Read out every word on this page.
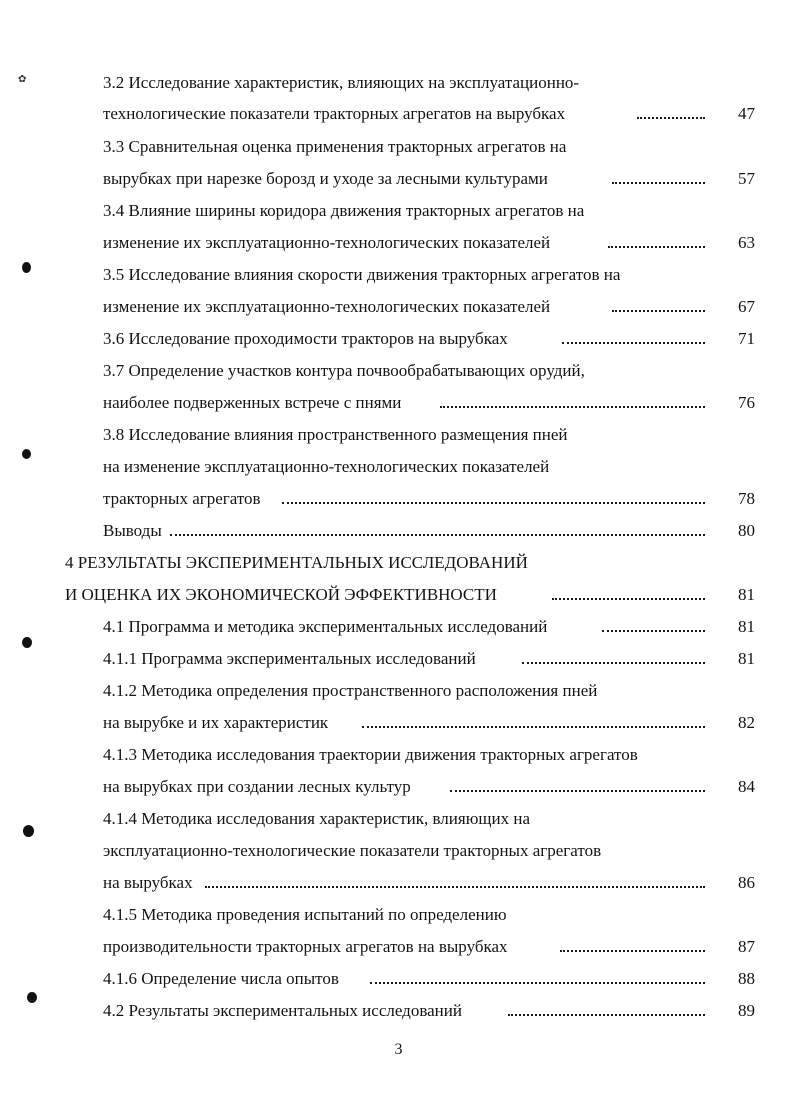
✿	3.2 Исследование характеристик, влияющих на эксплуатационно-
технологические показатели тракторных агрегатов на вырубках	47
3.3 Сравнительная оценка применения тракторных агрегатов на
вырубках при нарезке борозд и уходе за лесными культурами	57
3.4 Влияние ширины коридора движения тракторных агрегатов на
изменение их эксплуатационно-технологических показателей	63
3.5 Исследование влияния скорости движения тракторных агрегатов на
изменение их эксплуатационно-технологических показателей	67
3.6 Исследование проходимости тракторов на вырубках	71
3.7 Определение участков контура почвообрабатывающих орудий,
наиболее подверженных встрече с пнями	76
3.8 Исследование влияния пространственного размещения пней
на изменение эксплуатационно-технологических показателей
тракторных агрегатов	78
Выводы	80
4 РЕЗУЛЬТАТЫ ЭКСПЕРИМЕНТАЛЬНЫХ ИССЛЕДОВАНИЙ
И ОЦЕНКА ИХ ЭКОНОМИЧЕСКОЙ ЭФФЕКТИВНОСТИ	81
4.1 Программа и методика экспериментальных исследований	81
4.1.1 Программа экспериментальных исследований	81
4.1.2 Методика определения пространственного расположения пней
на вырубке и их характеристик	82
4.1.3 Методика исследования траектории движения тракторных агрегатов
на вырубках при создании лесных культур	84
4.1.4 Методика исследования характеристик, влияющих на
эксплуатационно-технологические показатели тракторных агрегатов
на вырубках	86
4.1.5 Методика проведения испытаний по определению
производительности тракторных агрегатов на вырубках	87
4.1.6 Определение числа опытов	88
4.2 Результаты экспериментальных исследований	89
3
